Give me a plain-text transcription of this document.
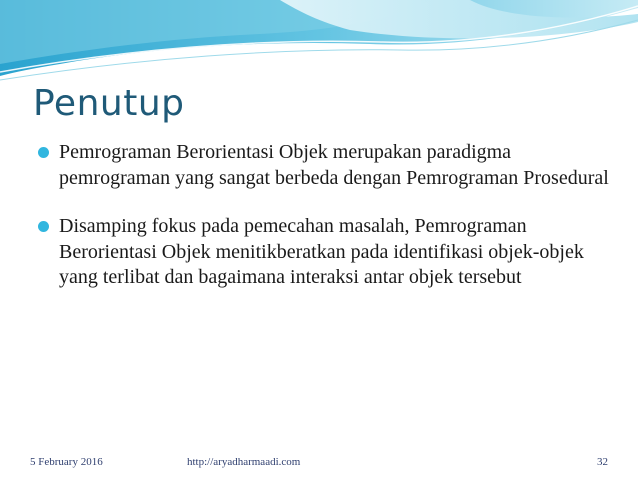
Penutup
Pemrograman Berorientasi Objek merupakan paradigma pemrograman yang sangat berbeda dengan Pemrograman Prosedural
Disamping fokus pada pemecahan masalah, Pemrograman Berorientasi Objek menitikberatkan pada identifikasi objek-objek yang terlibat dan bagaimana interaksi antar objek tersebut
5 February 2016	http://aryadharmaadi.com	32
